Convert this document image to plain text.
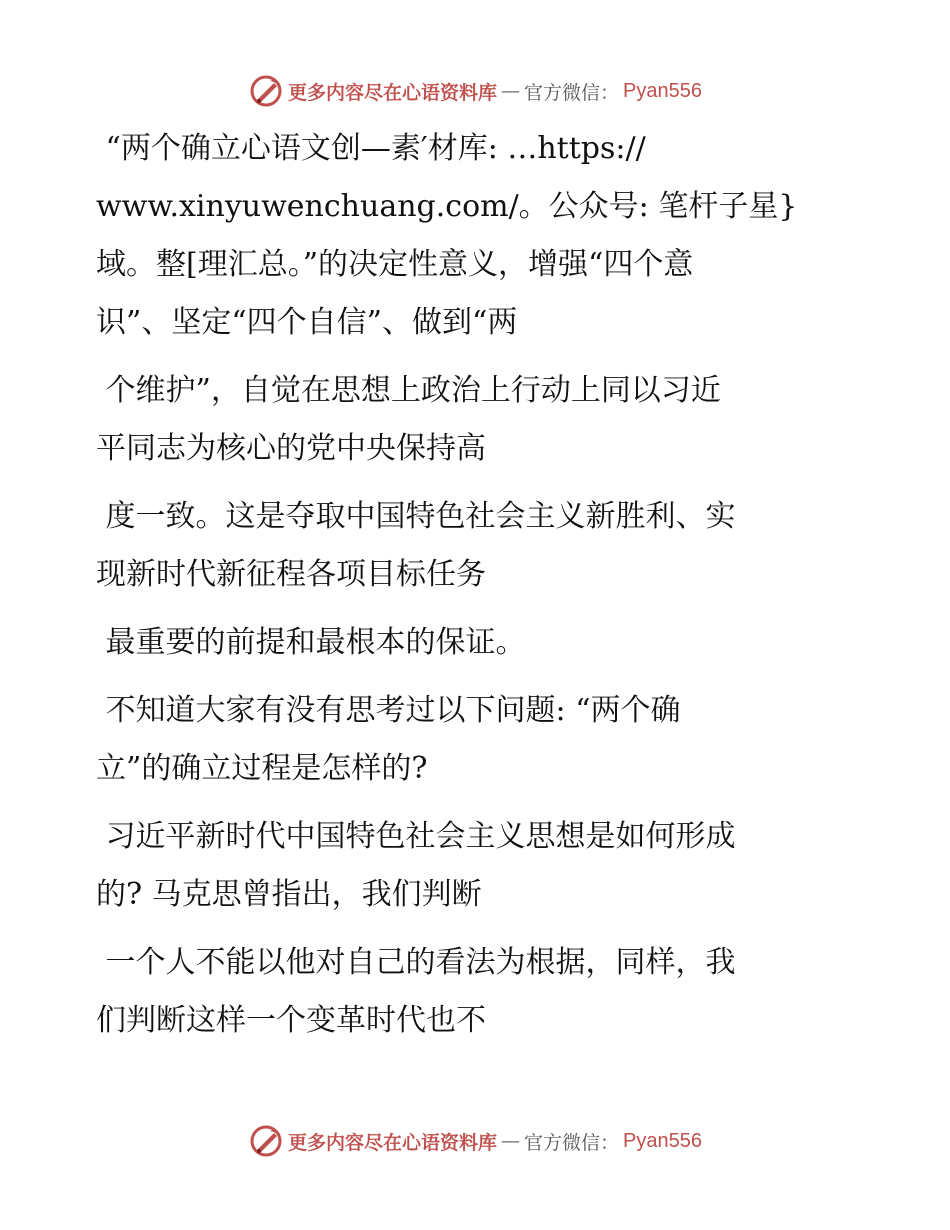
更多内容尽在心语资料库 — 官方微信： Pyan556
“两个确立心语文创—素′材库: …https://
www.xinyuwenchuang.com/。公众号: 笔杆子星}
域。整[理汇总。”的决定性意义，增强“四个意
识”、坚定“四个自信”、做到“两
个维护”，自觉在思想上政治上行动上同以习近
平同志为核心的党中央保持高
度一致。这是夺取中国特色社会主义新胜利、实
现新时代新征程各项目标任务
最重要的前提和最根本的保证。
不知道大家有没有思考过以下问题: “两个确
立”的确立过程是怎样的?
习近平新时代中国特色社会主义思想是如何形成
的? 马克思曾指出，我们判断
一个人不能以他对自己的看法为根据，同样，我
们判断这样一个变革时代也不
更多内容尽在心语资料库 — 官方微信： Pyan556
